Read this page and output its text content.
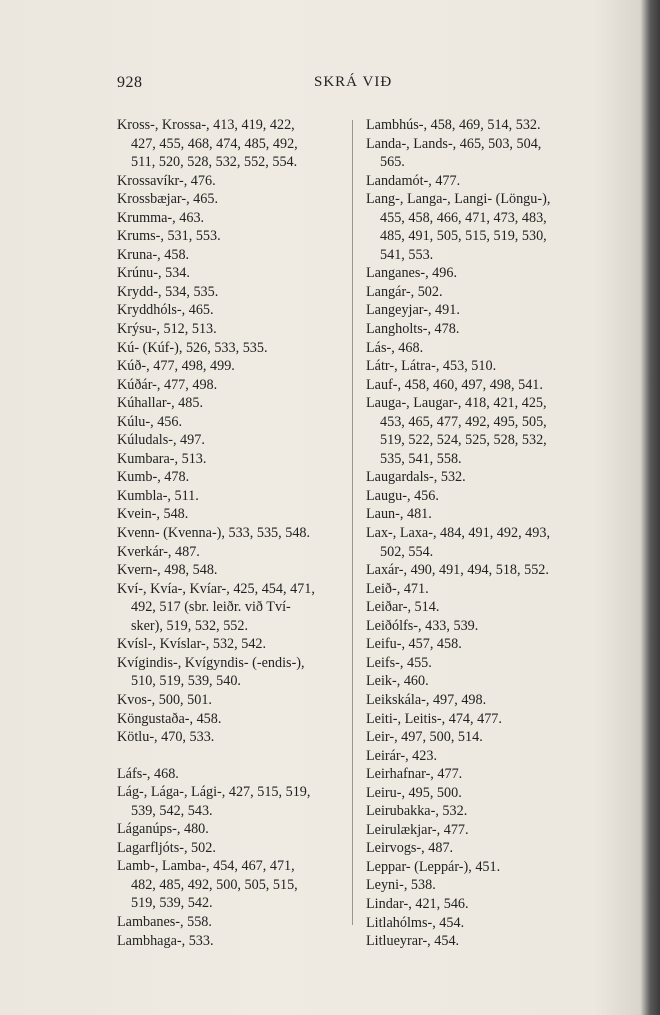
928	SKRÁ VIÐ

Kross-, Krossa-, 413, 419, 422,
427, 455, 468, 474, 485, 492,
511, 520, 528, 532, 552, 554.

Krossavíkr-, 476.

Krossbæjar-, 465.

Krumma-, 463.

Krums-, 531, 553.

Kruna-, 458.

Krúnu-, 534.

Krydd-, 534, 535.

Kryddhóls-, 465.

Krýsu-, 512, 513.

Kú- (Kúf-), 526, 533, 535.

Kúð-, 477, 498, 499.

Kúðár-, 477, 498.

Kúhallar-, 485.

Kúlu-, 456.

Kúludals-, 497.

Kumbara-, 513.

Kumb-, 478.

Kumbla-, 511.

Kvein-, 548.

Kvenn- (Kvenna-), 533, 535, 548.

Kverkár-, 487.

Kvern-, 498, 548.

Kví-, Kvía-, Kvíar-, 425, 454, 471,
492, 517 (sbr. leiðr. við Tví-
sker), 519, 532, 552.

Kvísl-, Kvíslar-, 532, 542.

Kvígindis-, Kvígyndis- (-endis-),
510, 519, 539, 540.

Kvos-, 500, 501.

Köngustaða-, 458.

Kötlu-, 470, 533.

Láfs-, 468.

Lág-, Lága-, Lági-, 427, 515, 519,
539, 542, 543.

Láganúps-, 480.

Lagarfljóts-, 502.

Lamb-, Lamba-, 454, 467, 471,
482, 485, 492, 500, 505, 515,
519, 539, 542.

Lambanes-, 558.

Lambhaga-, 533.

Lambhús-, 458, 469, 514, 532.

Landa-, Lands-, 465, 503, 504,
565.

Landamót-, 477.

Lang-, Langa-, Langi- (Löngu-),
455, 458, 466, 471, 473, 483,
485, 491, 505, 515, 519, 530,
541, 553.

Langanes-, 496.

Langár-, 502.

Langeyjar-, 491.

Langholts-, 478.

Lás-, 468.

Látr-, Látra-, 453, 510.

Lauf-, 458, 460, 497, 498, 541.

Lauga-, Laugar-, 418, 421, 425,
453, 465, 477, 492, 495, 505,
519, 522, 524, 525, 528, 532,
535, 541, 558.

Laugardals-, 532.

Laugu-, 456.

Laun-, 481.

Lax-, Laxa-, 484, 491, 492, 493,
502, 554.

Laxár-, 490, 491, 494, 518, 552.

Leið-, 471.

Leiðar-, 514.

Leiðólfs-, 433, 539.

Leifu-, 457, 458.

Leifs-, 455.

Leik-, 460.

Leikskála-, 497, 498.

Leiti-, Leitis-, 474, 477.

Leir-, 497, 500, 514.

Leirár-, 423.

Leirhafnar-, 477.

Leiru-, 495, 500.

Leirubakka-, 532.

Leirulækjar-, 477.

Leirvogs-, 487.

Leppar- (Leppár-), 451.

Leyni-, 538.

Lindar-, 421, 546.

Litlahólms-, 454.

Litlueyrar-, 454.
